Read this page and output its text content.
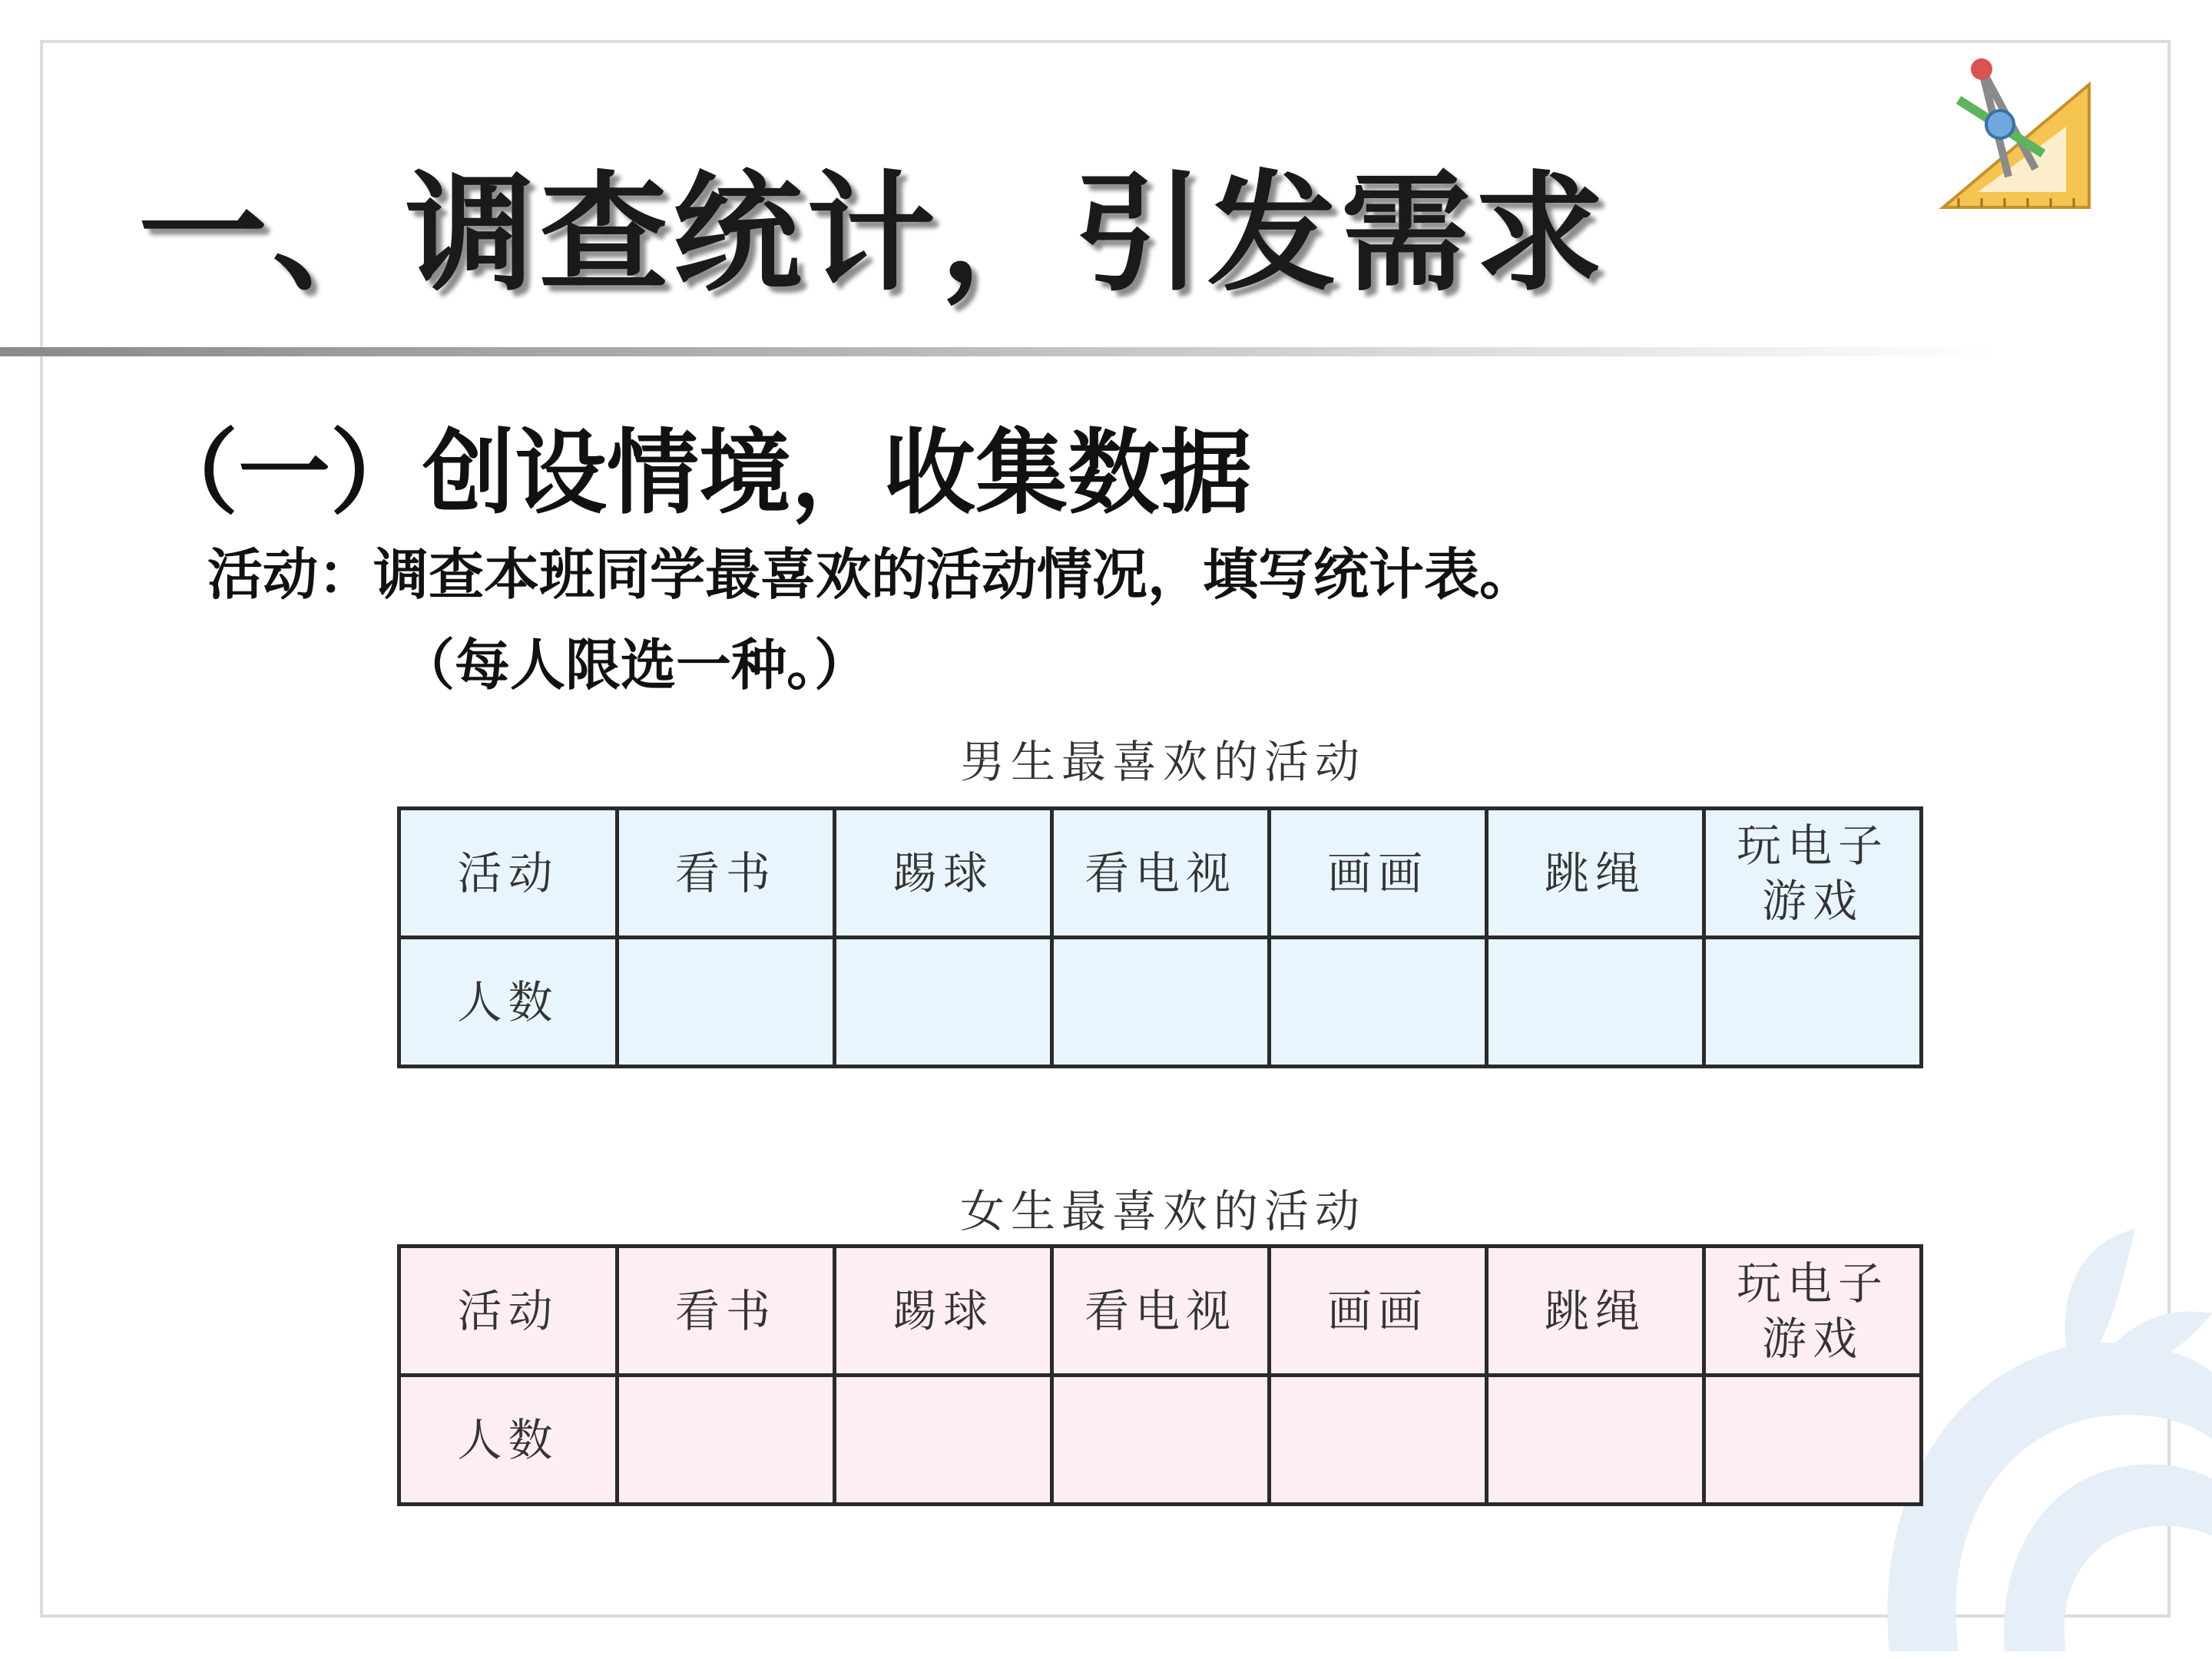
一、调查统计，引发需求
（一）创设情境，收集数据
活动：调查本班同学最喜欢的活动情况，填写统计表。
（每人限选一种。）
男生最喜欢的活动
活动	看书	踢球	看电视	画画	跳绳	玩电子游戏
人数						
女生最喜欢的活动
活动	看书	踢球	看电视	画画	跳绳	玩电子游戏
人数						
